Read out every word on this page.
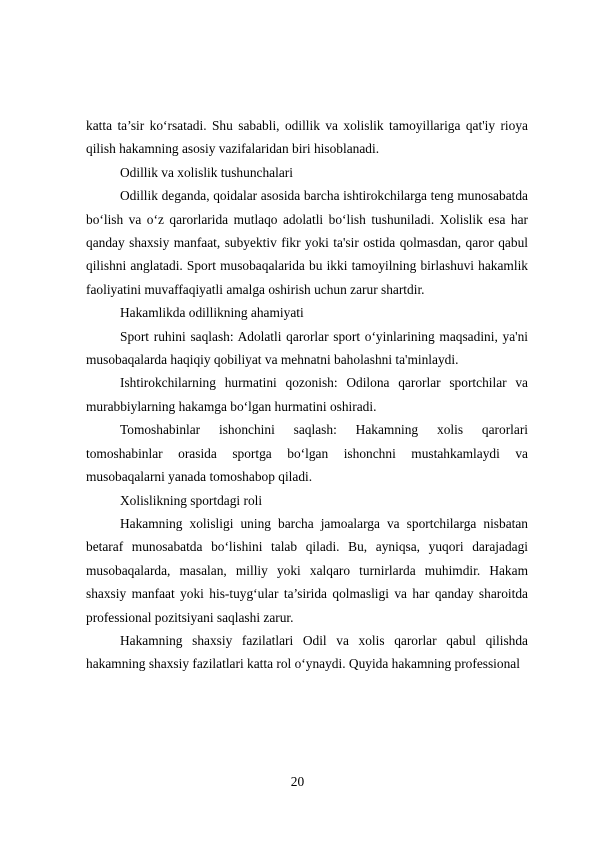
katta ta’sir ko‘rsatadi. Shu sababli, odillik va xolislik tamoyillariga qat'iy rioya qilish hakamning asosiy vazifalaridan biri hisoblanadi.

Odillik va xolislik tushunchalari

Odillik deganda, qoidalar asosida barcha ishtirokchilarga teng munosabatda bo‘lish va o‘z qarorlarida mutlaqo adolatli bo‘lish tushuniladi. Xolislik esa har qanday shaxsiy manfaat, subyektiv fikr yoki ta'sir ostida qolmasdan, qaror qabul qilishni anglatadi. Sport musobaqalarida bu ikki tamoyilning birlashuvi hakamlik faoliyatini muvaffaqiyatli amalga oshirish uchun zarur shartdir.

Hakamlikda odillikning ahamiyati

Sport ruhini saqlash: Adolatli qarorlar sport o‘yinlarining maqsadini, ya'ni musobaqalarda haqiqiy qobiliyat va mehnatni baholashni ta'minlaydi.

Ishtirokchilarning hurmatini qozonish: Odilona qarorlar sportchilar va murabbiylarning hakamga bo‘lgan hurmatini oshiradi.

Tomoshabinlar ishonchini saqlash: Hakamning xolis qarorlari tomoshabinlar orasida sportga bo‘lgan ishonchni mustahkamlaydi va musobaqalarni yanada tomoshabop qiladi.

Xolislikning sportdagi roli

Hakamning xolisligi uning barcha jamoalarga va sportchilarga nisbatan betaraf munosabatda bo‘lishini talab qiladi. Bu, ayniqsa, yuqori darajadagi musobaqalarda, masalan, milliy yoki xalqaro turnirlarda muhimdir. Hakam shaxsiy manfaat yoki his-tuyg‘ular ta’sirida qolmasligi va har qanday sharoitda professional pozitsiyani saqlashi zarur.

Hakamning shaxsiy fazilatlari Odil va xolis qarorlar qabul qilishda hakamning shaxsiy fazilatlari katta rol o‘ynaydi. Quyida hakamning professional

20
